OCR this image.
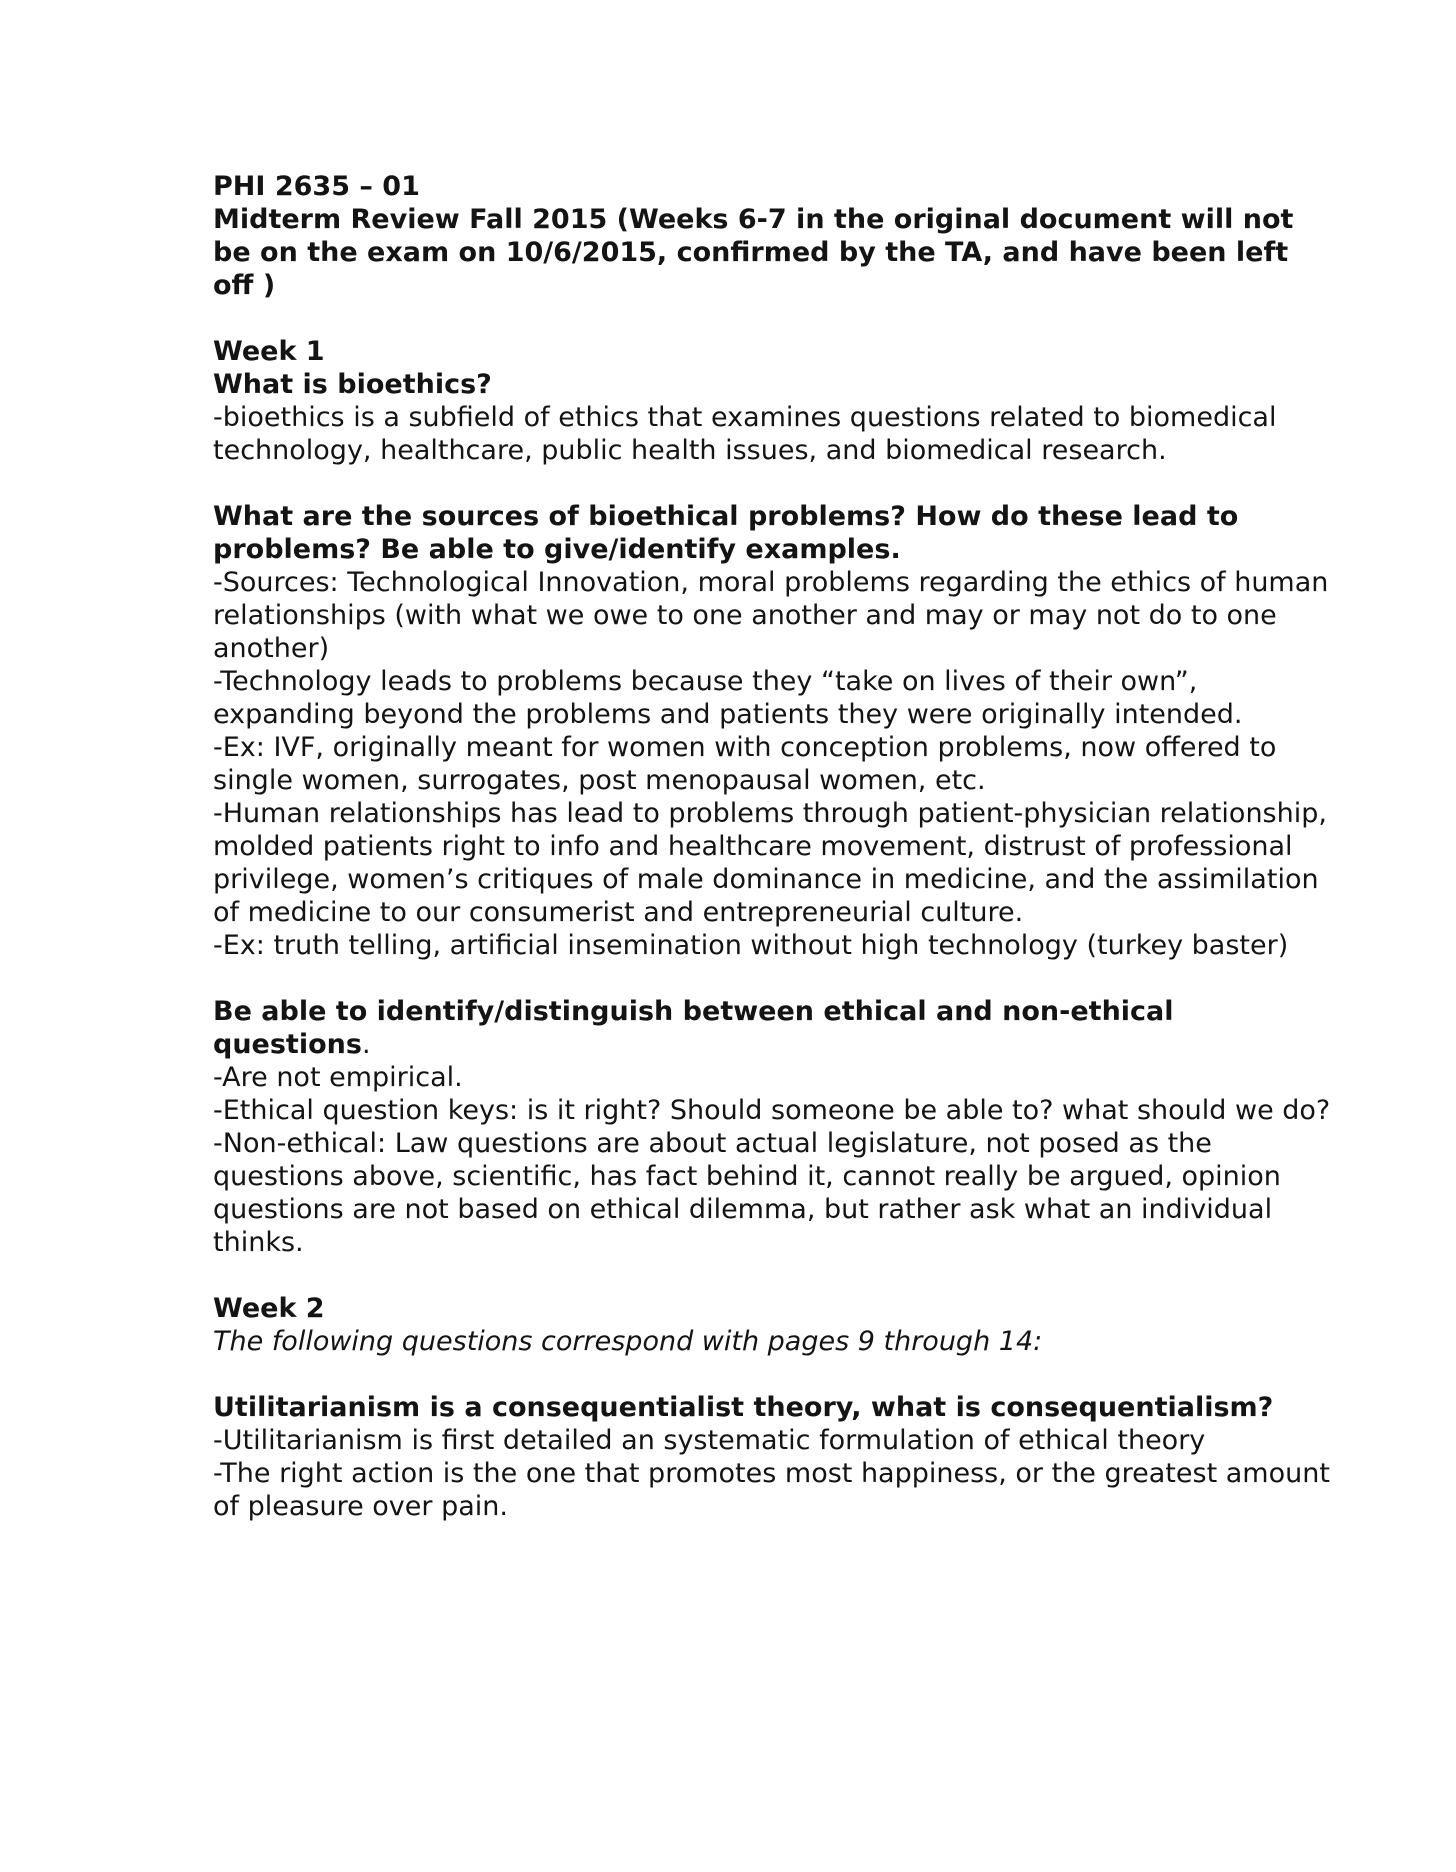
PHI 2635 – 01

Midterm Review Fall 2015 (Weeks 6-7 in the original document will not be on the exam on 10/6/2015, confirmed by the TA, and have been left off )

Week 1

What is bioethics?

-bioethics is a subfield of ethics that examines questions related to biomedical technology, healthcare, public health issues, and biomedical research.

What are the sources of bioethical problems? How do these lead to problems? Be able to give/identify examples.

-Sources: Technological Innovation, moral problems regarding the ethics of human relationships (with what we owe to one another and may or may not do to one another)

-Technology leads to problems because they “take on lives of their own”, expanding beyond the problems and patients they were originally intended.

-Ex: IVF, originally meant for women with conception problems, now offered to single women, surrogates, post menopausal women, etc.

-Human relationships has lead to problems through patient-physician relationship, molded patients right to info and healthcare movement, distrust of professional privilege, women’s critiques of male dominance in medicine, and the assimilation of medicine to our consumerist and entrepreneurial culture.

-Ex: truth telling, artificial insemination without high technology (turkey baster)

Be able to identify/distinguish between ethical and non-ethical questions.

-Are not empirical.

-Ethical question keys: is it right? Should someone be able to? what should we do?

-Non-ethical: Law questions are about actual legislature, not posed as the questions above, scientific, has fact behind it, cannot really be argued, opinion questions are not based on ethical dilemma, but rather ask what an individual thinks.

Week 2

The following questions correspond with pages 9 through 14:

Utilitarianism is a consequentialist theory, what is consequentialism?

-Utilitarianism is first detailed an systematic formulation of ethical theory

-The right action is the one that promotes most happiness, or the greatest amount of pleasure over pain.
